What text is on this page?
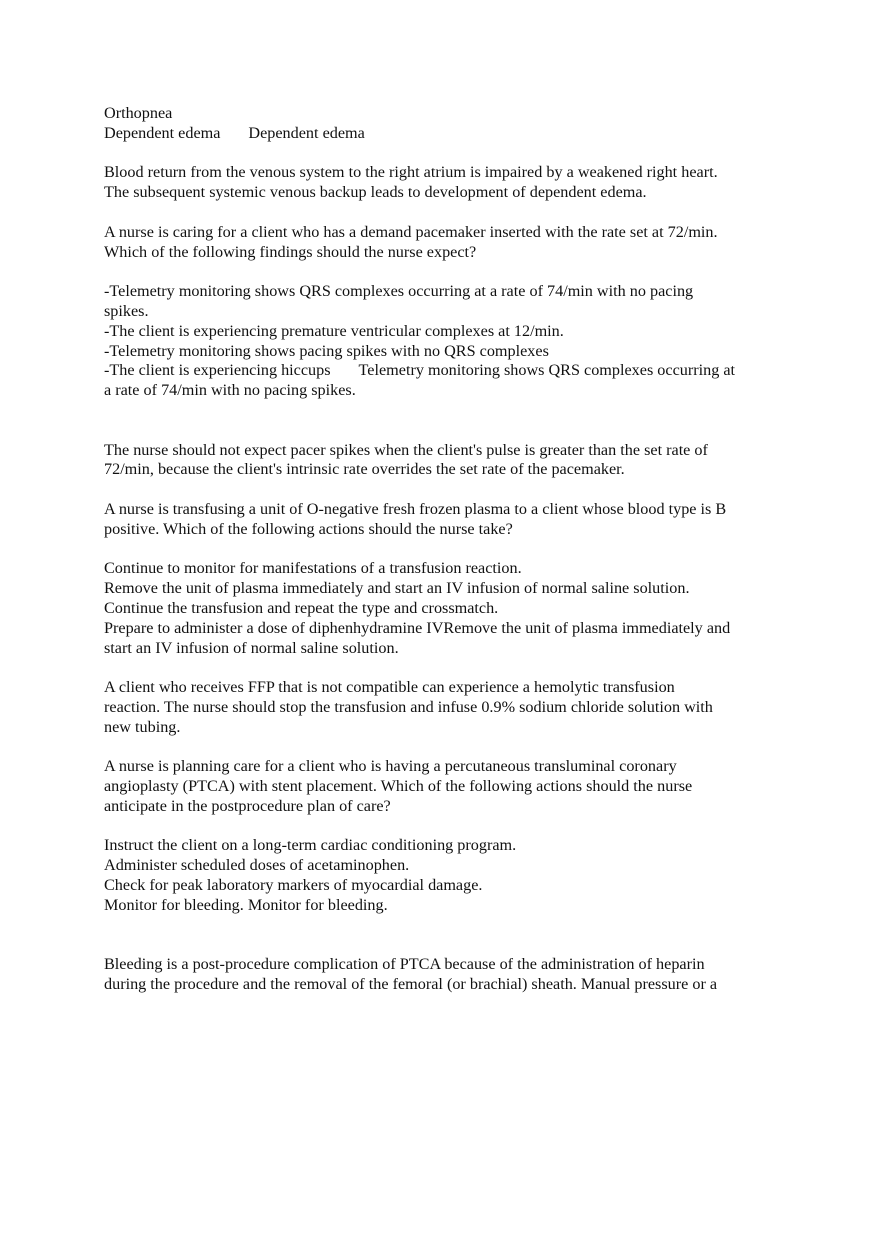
Orthopnea
Dependent edema Dependent edema
Blood return from the venous system to the right atrium is impaired by a weakened right heart.
The subsequent systemic venous backup leads to development of dependent edema.
A nurse is caring for a client who has a demand pacemaker inserted with the rate set at 72/min.
Which of the following findings should the nurse expect?
-Telemetry monitoring shows QRS complexes occurring at a rate of 74/min with no pacing
spikes.
-The client is experiencing premature ventricular complexes at 12/min.
-Telemetry monitoring shows pacing spikes with no QRS complexes
-The client is experiencing hiccups Telemetry monitoring shows QRS complexes occurring at
a rate of 74/min with no pacing spikes.
The nurse should not expect pacer spikes when the client's pulse is greater than the set rate of
72/min, because the client's intrinsic rate overrides the set rate of the pacemaker.
A nurse is transfusing a unit of O-negative fresh frozen plasma to a client whose blood type is B
positive. Which of the following actions should the nurse take?
Continue to monitor for manifestations of a transfusion reaction.
Remove the unit of plasma immediately and start an IV infusion of normal saline solution.
Continue the transfusion and repeat the type and crossmatch.
Prepare to administer a dose of diphenhydramine IVRemove the unit of plasma immediately and
start an IV infusion of normal saline solution.
A client who receives FFP that is not compatible can experience a hemolytic transfusion
reaction. The nurse should stop the transfusion and infuse 0.9% sodium chloride solution with
new tubing.
A nurse is planning care for a client who is having a percutaneous transluminal coronary
angioplasty (PTCA) with stent placement. Which of the following actions should the nurse
anticipate in the postprocedure plan of care?
Instruct the client on a long-term cardiac conditioning program.
Administer scheduled doses of acetaminophen.
Check for peak laboratory markers of myocardial damage.
Monitor for bleeding. Monitor for bleeding.
Bleeding is a post-procedure complication of PTCA because of the administration of heparin
during the procedure and the removal of the femoral (or brachial) sheath. Manual pressure or a
